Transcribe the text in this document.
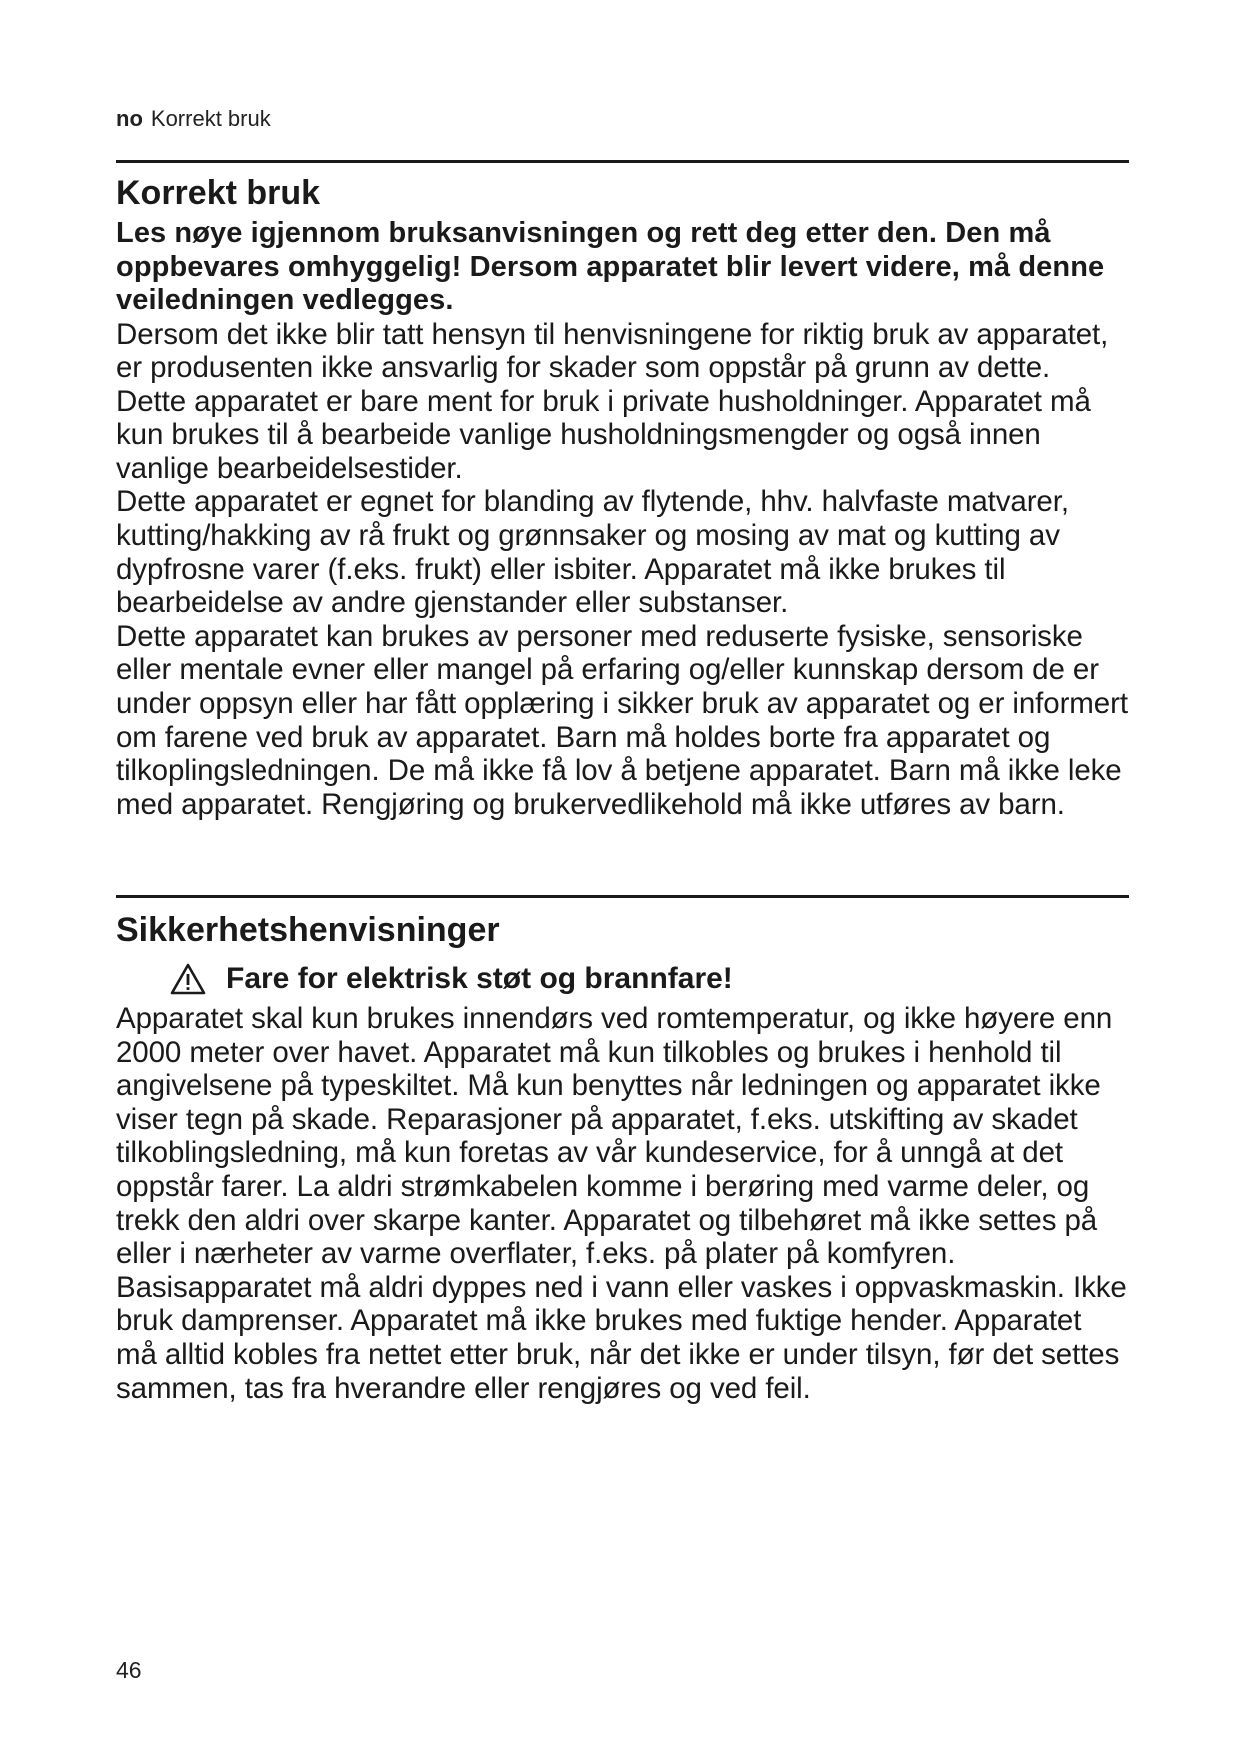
no Korrekt bruk
Korrekt bruk

Les nøye igjennom bruksanvisningen og rett deg etter den. Den må oppbevares omhyggelig! Dersom apparatet blir levert videre, må denne veiledningen vedlegges.

Dersom det ikke blir tatt hensyn til henvisningene for riktig bruk av apparatet, er produsenten ikke ansvarlig for skader som oppstår på grunn av dette.

Dette apparatet er bare ment for bruk i private husholdninger. Apparatet må kun brukes til å bearbeide vanlige husholdningsmengder og også innen vanlige bearbeidelsestider.

Dette apparatet er egnet for blanding av flytende, hhv. halvfaste matvarer, kutting/hakking av rå frukt og grønnsaker og mosing av mat og kutting av dypfrosne varer (f.eks. frukt) eller isbiter. Apparatet må ikke brukes til bearbeidelse av andre gjenstander eller substanser.

Dette apparatet kan brukes av personer med reduserte fysiske, sensoriske eller mentale evner eller mangel på erfaring og/eller kunnskap dersom de er under oppsyn eller har fått opplæring i sikker bruk av apparatet og er informert om farene ved bruk av apparatet. Barn må holdes borte fra apparatet og tilkoplingsledningen. De må ikke få lov å betjene apparatet. Barn må ikke leke med apparatet. Rengjøring og brukervedlikehold må ikke utføres av barn.

Sikkerhetshenvisninger
Fare for elektrisk støt og brannfare!

Apparatet skal kun brukes innendørs ved romtemperatur, og ikke høyere enn 2000 meter over havet. Apparatet må kun tilkobles og brukes i henhold til angivelsene på typeskiltet. Må kun benyttes når ledningen og apparatet ikke viser tegn på skade. Reparasjoner på apparatet, f.eks. utskifting av skadet tilkoblingsledning, må kun foretas av vår kundeservice, for å unngå at det oppstår farer. La aldri strømkabelen komme i berøring med varme deler, og trekk den aldri over skarpe kanter. Apparatet og tilbehøret må ikke settes på eller i nærheter av varme overflater, f.eks. på plater på komfyren. Basisapparatet må aldri dyppes ned i vann eller vaskes i oppvaskmaskin. Ikke bruk damprenser. Apparatet må ikke brukes med fuktige hender. Apparatet må alltid kobles fra nettet etter bruk, når det ikke er under tilsyn, før det settes sammen, tas fra hverandre eller rengjøres og ved feil.

46
